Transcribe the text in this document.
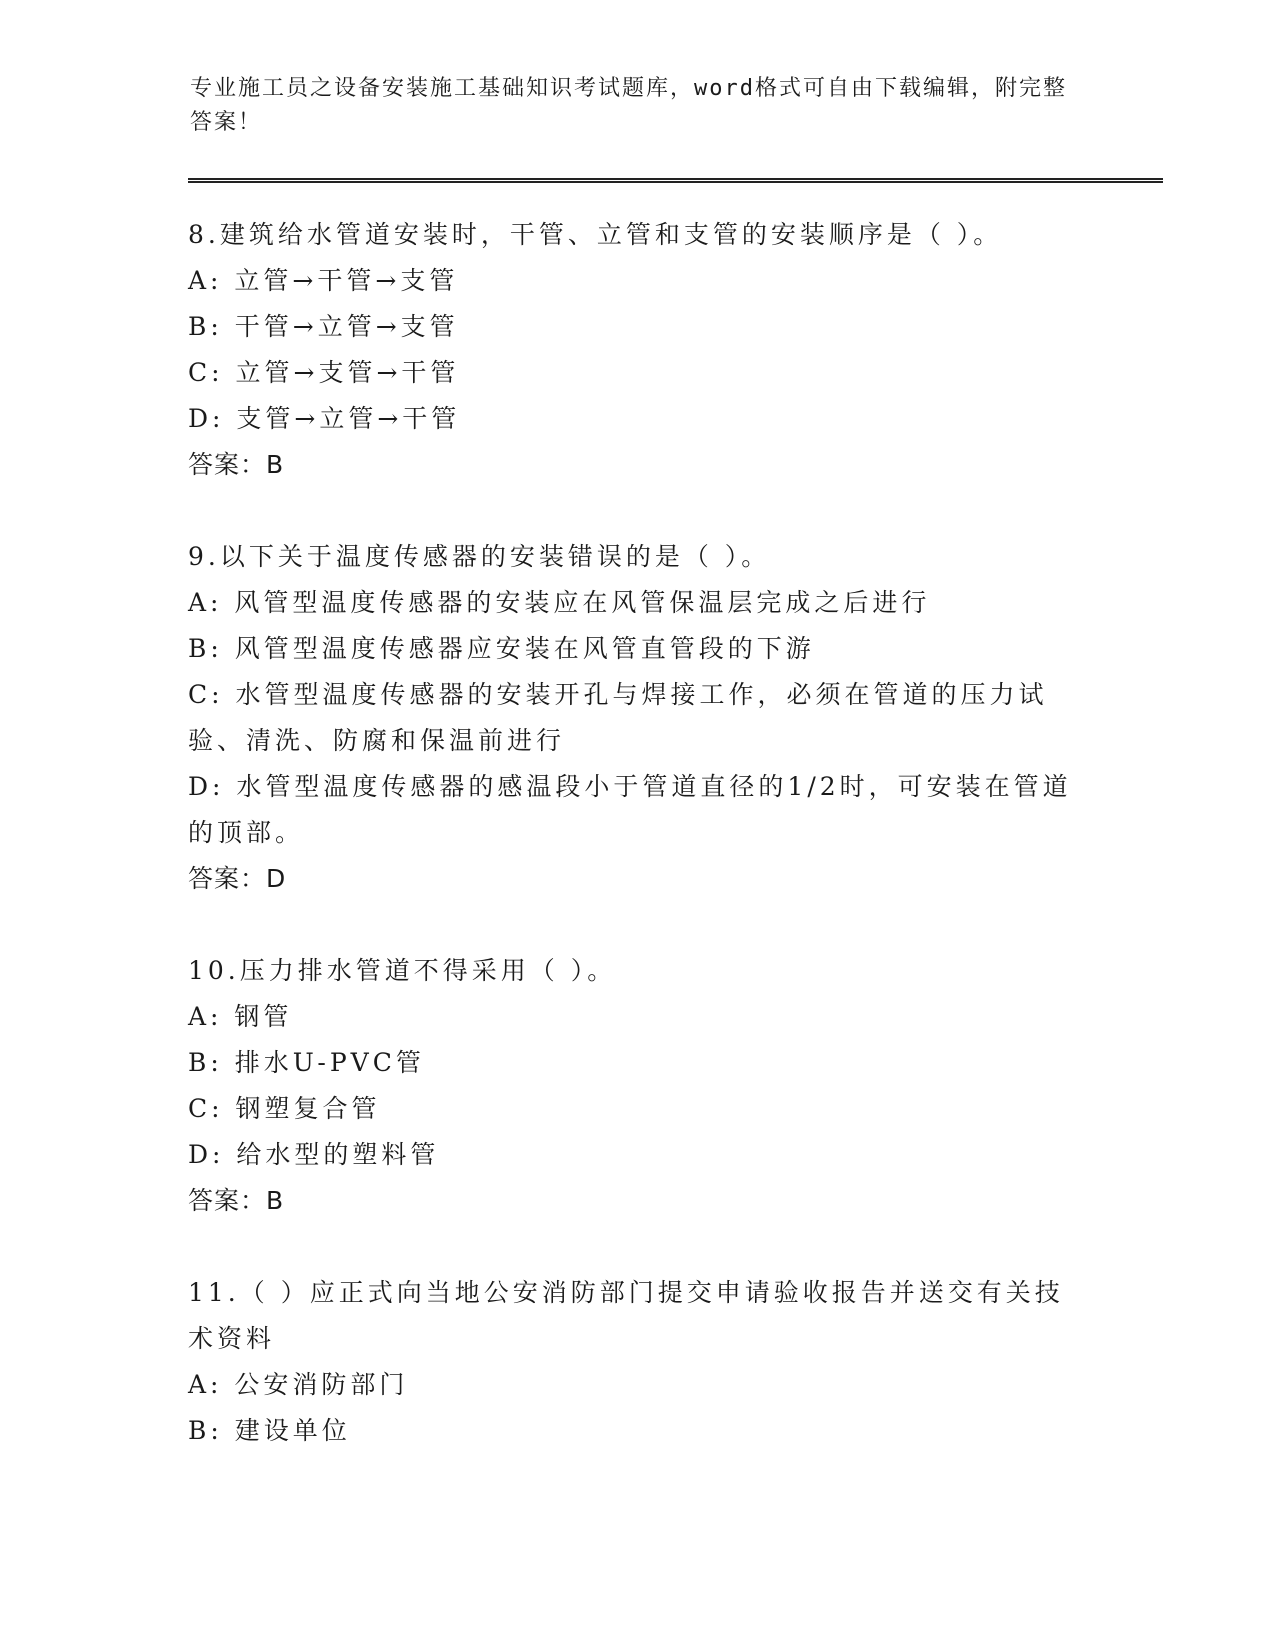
专业施工员之设备安装施工基础知识考试题库，word格式可自由下载编辑，附完整答案！
8.建筑给水管道安装时，干管、立管和支管的安装顺序是（ ）。
A: 立管→干管→支管
B: 干管→立管→支管
C: 立管→支管→干管
D: 支管→立管→干管
答案：B
9.以下关于温度传感器的安装错误的是（ ）。
A: 风管型温度传感器的安装应在风管保温层完成之后进行
B: 风管型温度传感器应安装在风管直管段的下游
C: 水管型温度传感器的安装开孔与焊接工作，必须在管道的压力试验、清洗、防腐和保温前进行
D: 水管型温度传感器的感温段小于管道直径的1/2时，可安装在管道的顶部。
答案：D
10.压力排水管道不得采用（ ）。
A: 钢管
B: 排水U-PVC管
C: 钢塑复合管
D: 给水型的塑料管
答案：B
11.（ ）应正式向当地公安消防部门提交申请验收报告并送交有关技术资料
A: 公安消防部门
B: 建设单位
